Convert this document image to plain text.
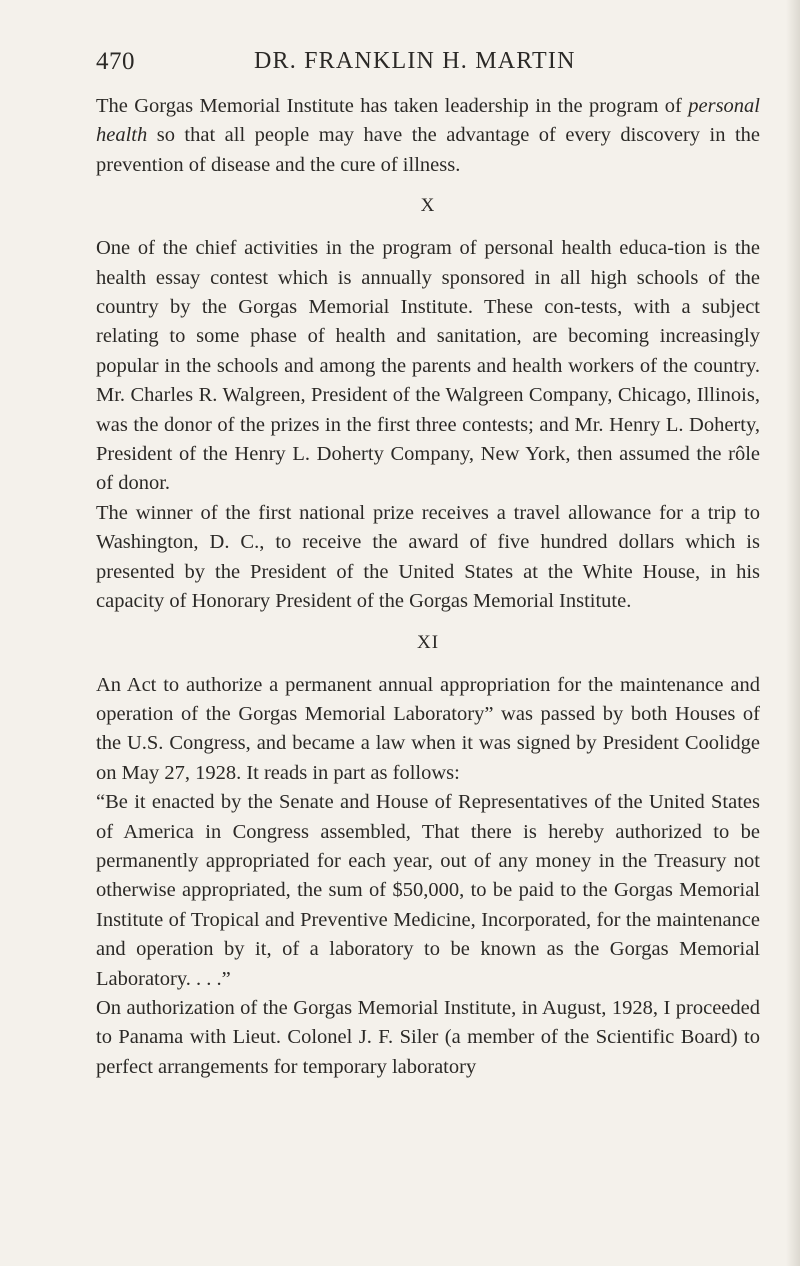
470	DR. FRANKLIN H. MARTIN

The Gorgas Memorial Institute has taken leadership in the program of personal health so that all people may have the advantage of every discovery in the prevention of disease and the cure of illness.

X

One of the chief activities in the program of personal health educa-tion is the health essay contest which is annually sponsored in all high schools of the country by the Gorgas Memorial Institute. These con-tests, with a subject relating to some phase of health and sanitation, are becoming increasingly popular in the schools and among the parents and health workers of the country. Mr. Charles R. Walgreen, President of the Walgreen Company, Chicago, Illinois, was the donor of the prizes in the first three contests; and Mr. Henry L. Doherty, President of the Henry L. Doherty Company, New York, then assumed the rôle of donor.

The winner of the first national prize receives a travel allowance for a trip to Washington, D. C., to receive the award of five hundred dollars which is presented by the President of the United States at the White House, in his capacity of Honorary President of the Gorgas Memorial Institute.

XI

An Act to authorize a permanent annual appropriation for the maintenance and operation of the Gorgas Memorial Laboratory” was passed by both Houses of the U.S. Congress, and became a law when it was signed by President Coolidge on May 27, 1928. It reads in part as follows:

“Be it enacted by the Senate and House of Representatives of the United States of America in Congress assembled, That there is hereby authorized to be permanently appropriated for each year, out of any money in the Treasury not otherwise appropriated, the sum of $50,000, to be paid to the Gorgas Memorial Institute of Tropical and Preventive Medicine, Incorporated, for the maintenance and operation by it, of a laboratory to be known as the Gorgas Memorial Laboratory. . . .”

On authorization of the Gorgas Memorial Institute, in August, 1928, I proceeded to Panama with Lieut. Colonel J. F. Siler (a member of the Scientific Board) to perfect arrangements for temporary laboratory
